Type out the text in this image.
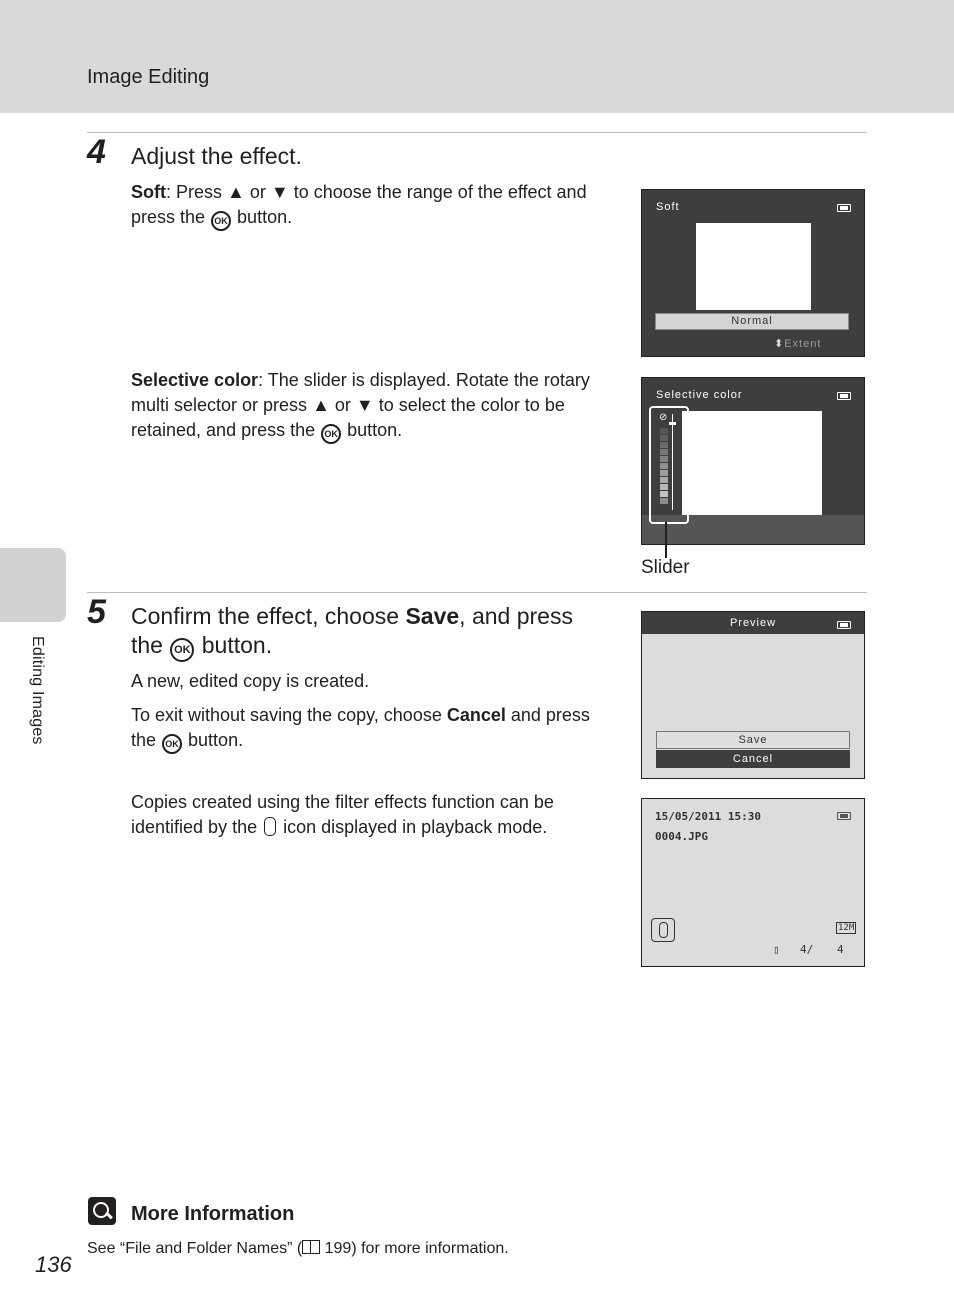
Image Editing
Editing Images
4 Adjust the effect.
Soft: Press ▲ or ▼ to choose the range of the effect and press the OK button.	Soft
Normal
⬍Extent
Selective color: The slider is displayed. Rotate the rotary multi selector or press ▲ or ▼ to select the color to be retained, and press the OK button.
Selective color
⊘
Slider
5 Confirm the effect, choose Save, and press the OK button.
A new, edited copy is created.
To exit without saving the copy, choose Cancel and press the OK button.
Copies created using the filter effects function can be identified by the  icon displayed in playback mode.
Preview
Save
Cancel
15/05/2011 15:30
0004.JPG
12M
▯ 4/ 4
More Information
See “File and Folder Names” (
199) for more information.
136
